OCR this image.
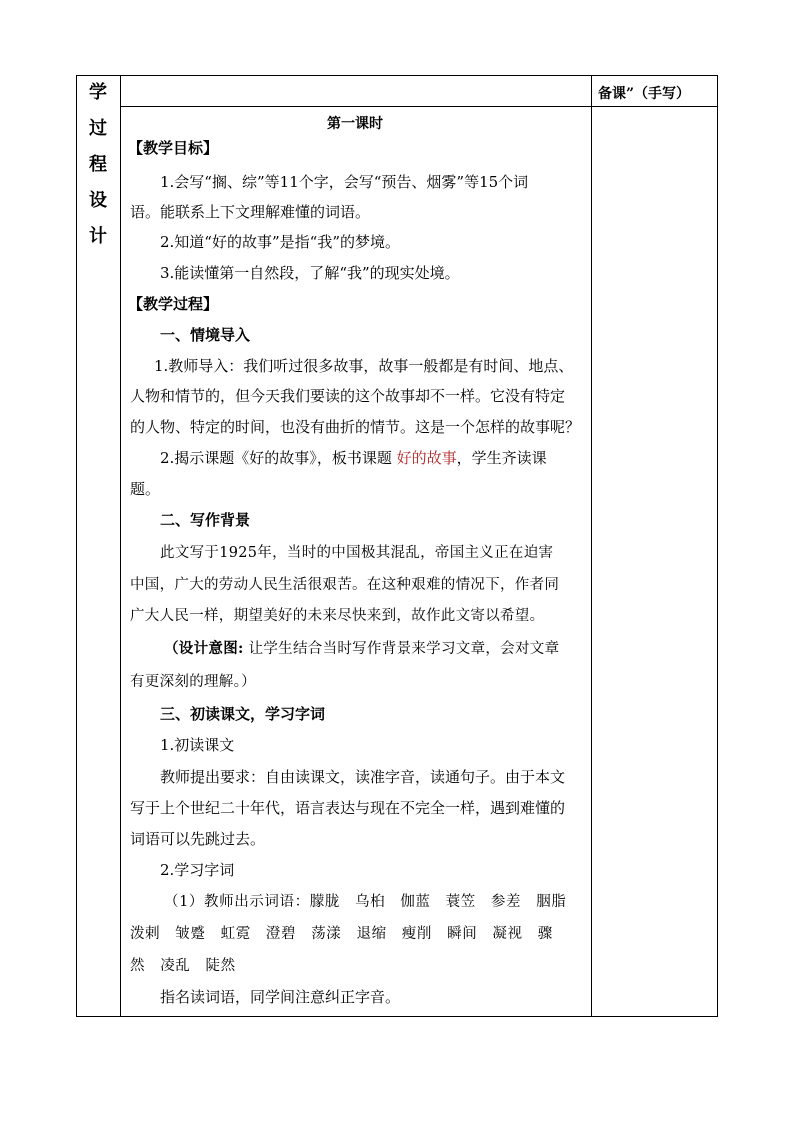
学
过
程
设
计
备课”（手写）
第一课时
【教学目标】
1.会写“搁、综”等11个字，会写“预告、烟雾”等15个词
语。能联系上下文理解难懂的词语。
2.知道“好的故事”是指“我”的梦境。
3.能读懂第一自然段，了解“我”的现实处境。
【教学过程】
一、情境导入
1.教师导入：我们听过很多故事，故事一般都是有时间、地点、
人物和情节的，但今天我们要读的这个故事却不一样。它没有特定
的人物、特定的时间，也没有曲折的情节。这是一个怎样的故事呢？
2.揭示课题《好的故事》，板书课题 好的故事，学生齐读课
题。
二、写作背景
此文写于1925年，当时的中国极其混乱，帝国主义正在迫害
中国，广大的劳动人民生活很艰苦。在这种艰难的情况下，作者同
广大人民一样，期望美好的未来尽快来到，故作此文寄以希望。
（设计意图: 让学生结合当时写作背景来学习文章，会对文章
有更深刻的理解。）
三、初读课文，学习字词
1.初读课文
教师提出要求：自由读课文，读准字音，读通句子。由于本文
写于上个世纪二十年代，语言表达与现在不完全一样，遇到难懂的
词语可以先跳过去。
2.学习字词
（1）教师出示词语：朦胧　乌桕　伽蓝　蓑笠　参差　胭脂
泼剌　皱蹙　虹霓　澄碧　荡漾　退缩　瘦削　瞬间　凝视　骤
然　凌乱　陡然
指名读词语，同学间注意纠正字音。
